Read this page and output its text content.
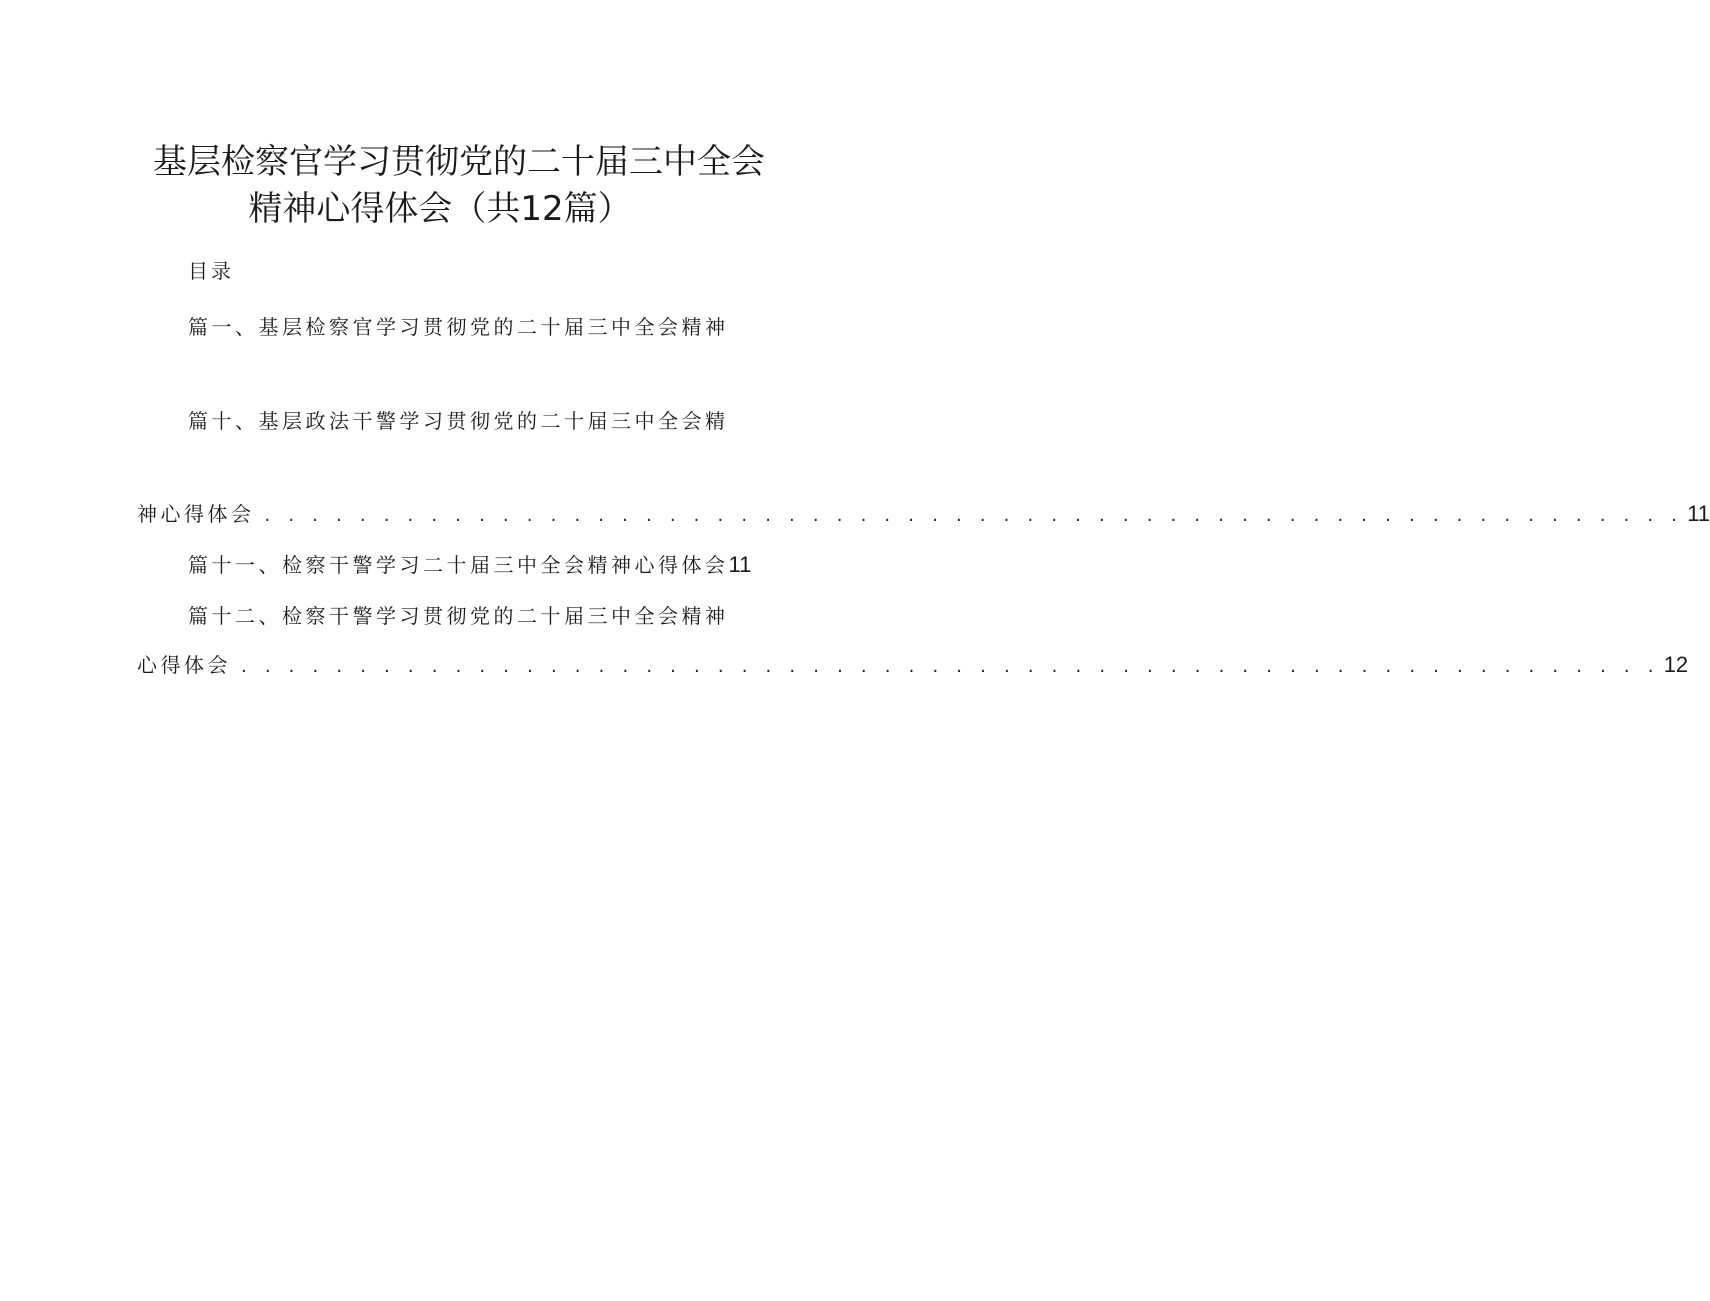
基层检察官学习贯彻党的二十届三中全会
精神心得体会（共12篇）
目录
篇一、基层检察官学习贯彻党的二十届三中全会精神
篇十、基层政法干警学习贯彻党的二十届三中全会精
神心得体会 . . . . . . . . . . . . . . . . . . . . . . . . . . . . . . . . . . . . . . . . . . . . . . . . . . . . . . . . . . . . 11
篇十一、检察干警学习二十届三中全会精神心得体会11
篇十二、检察干警学习贯彻党的二十届三中全会精神
心得体会 . . . . . . . . . . . . . . . . . . . . . . . . . . . . . . . . . . . . . . . . . . . . . . . . . . . . . . . . . . . . 12
